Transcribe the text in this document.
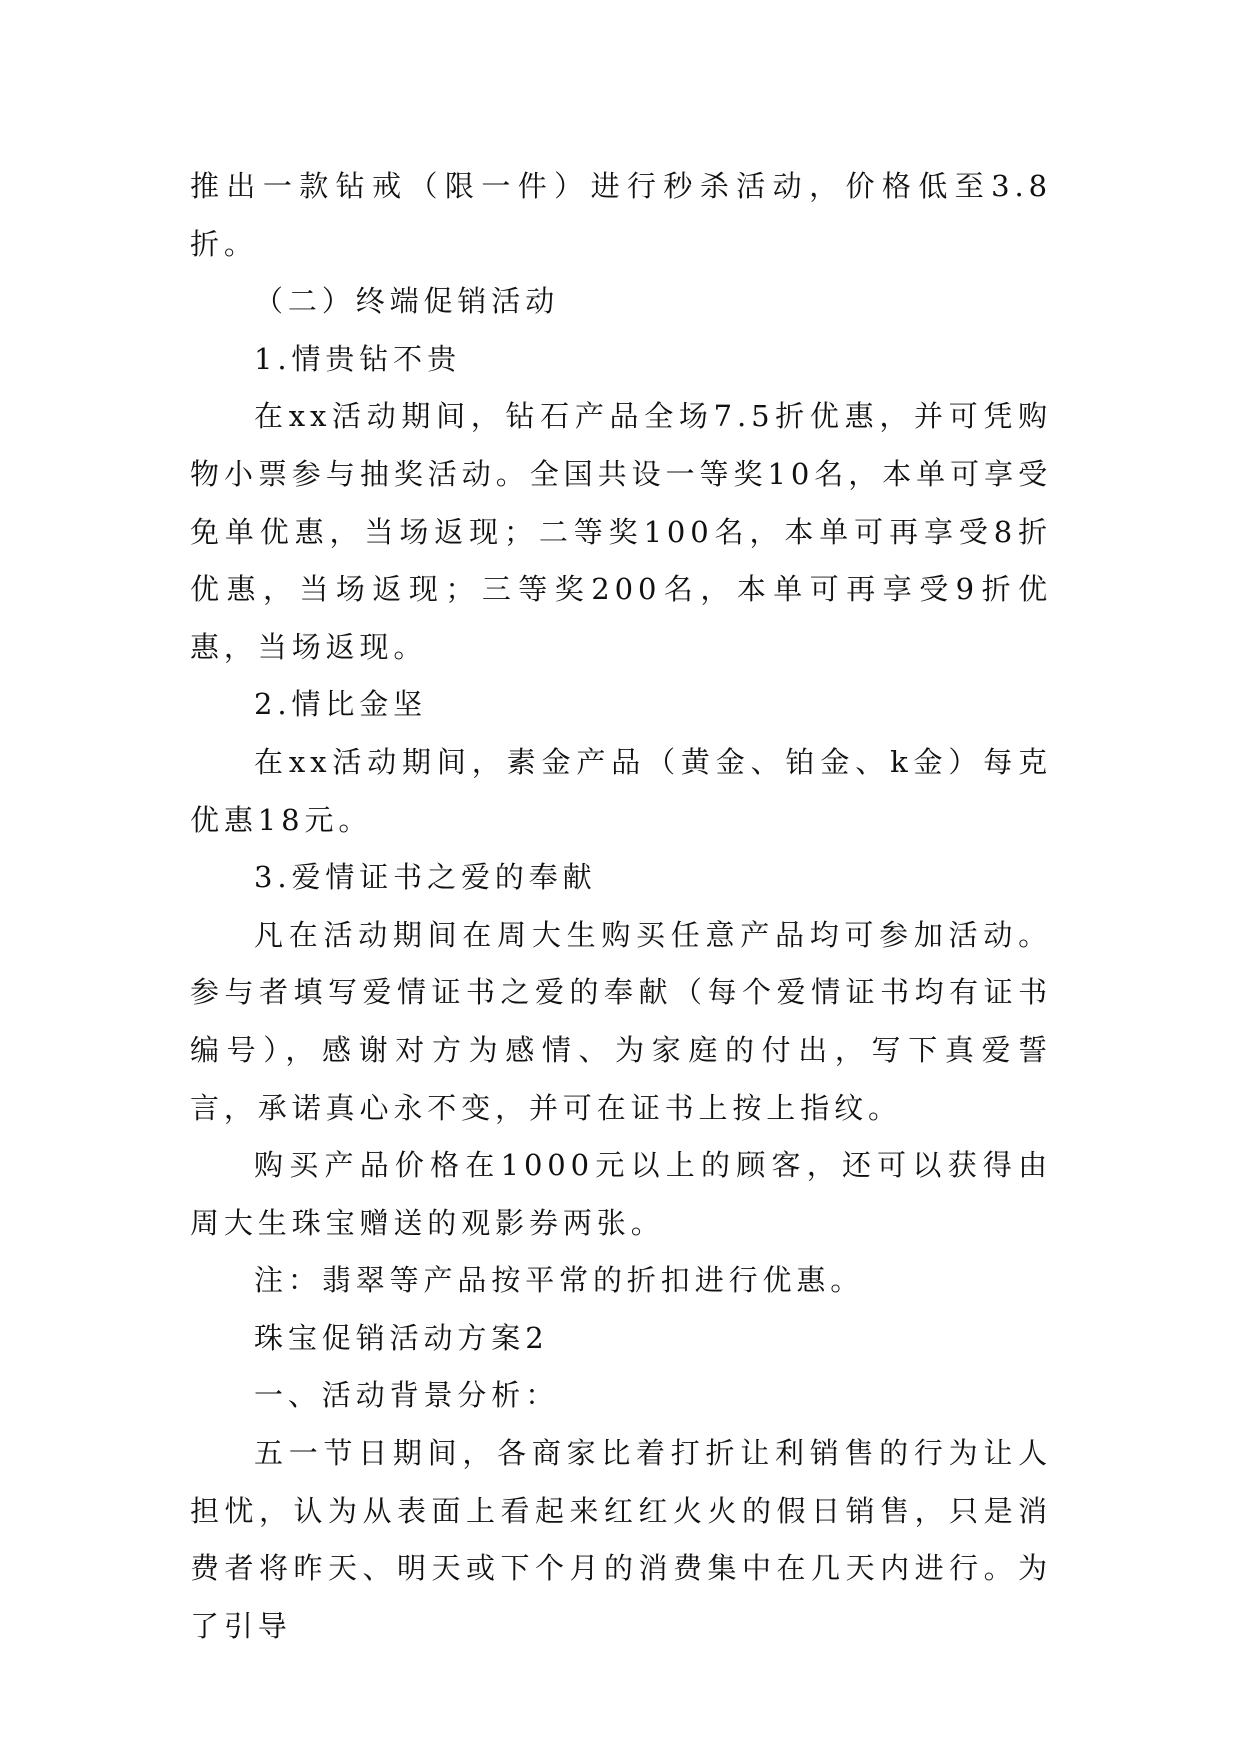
推出一款钻戒（限一件）进行秒杀活动，价格低至3.8折。

（二）终端促销活动

1.情贵钻不贵

在xx活动期间，钻石产品全场7.5折优惠，并可凭购物小票参与抽奖活动。全国共设一等奖10名，本单可享受免单优惠，当场返现；二等奖100名，本单可再享受8折优惠，当场返现；三等奖200名，本单可再享受9折优惠，当场返现。

2.情比金坚

在xx活动期间，素金产品（黄金、铂金、k金）每克优惠18元。

3.爱情证书之爱的奉献

凡在活动期间在周大生购买任意产品均可参加活动。参与者填写爱情证书之爱的奉献（每个爱情证书均有证书编号），感谢对方为感情、为家庭的付出，写下真爱誓言，承诺真心永不变，并可在证书上按上指纹。

购买产品价格在1000元以上的顾客，还可以获得由周大生珠宝赠送的观影券两张。

注：翡翠等产品按平常的折扣进行优惠。

珠宝促销活动方案2

一、活动背景分析：

五一节日期间，各商家比着打折让利销售的行为让人担忧，认为从表面上看起来红红火火的假日销售，只是消费者将昨天、明天或下个月的消费集中在几天内进行。为了引导
